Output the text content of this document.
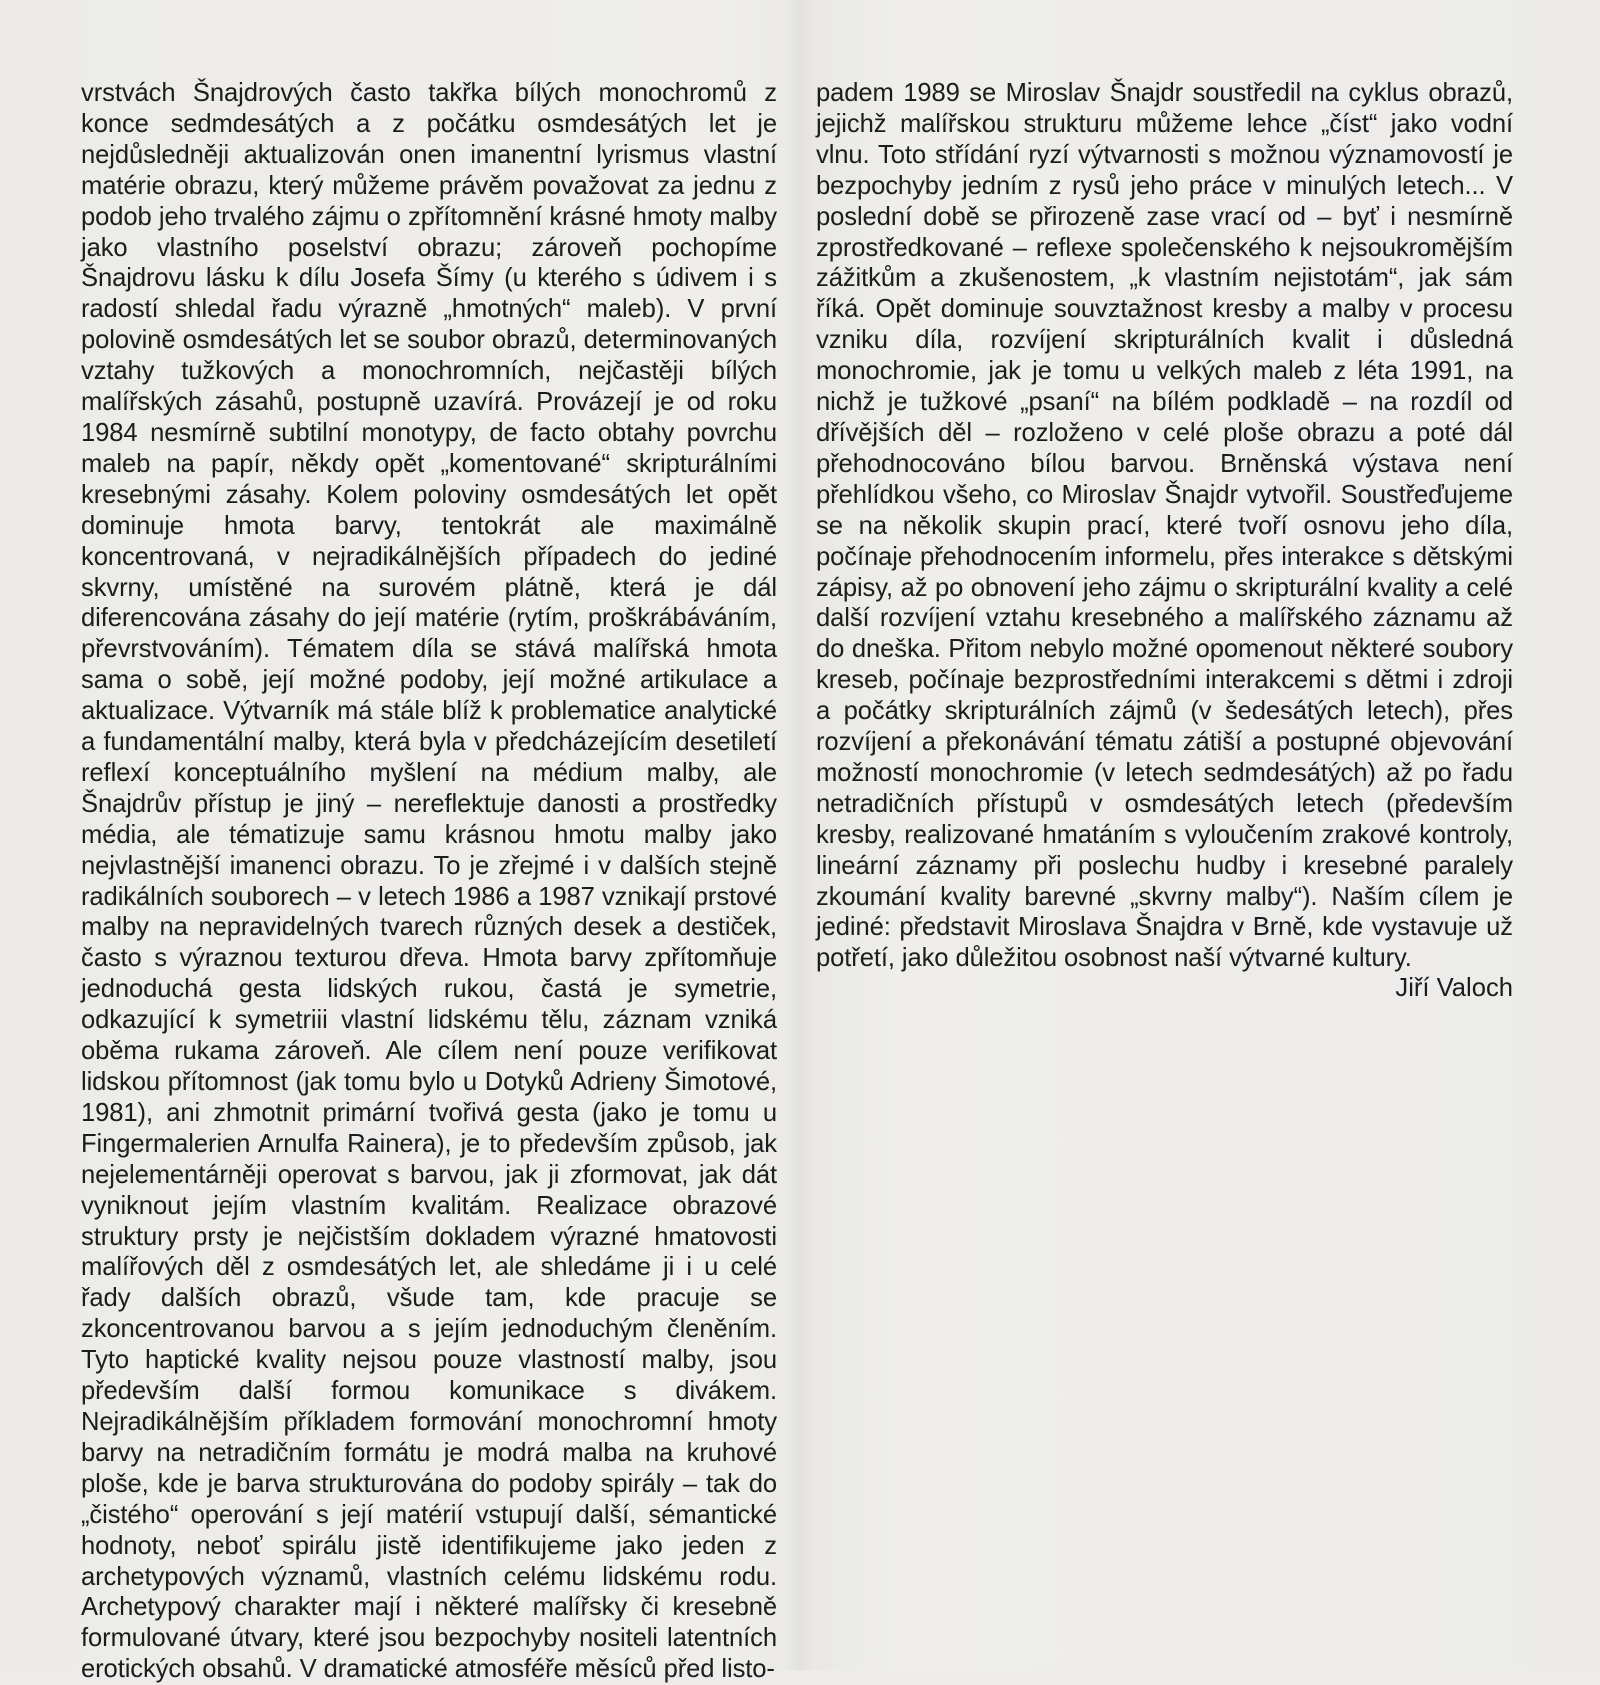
vrstvách Šnajdrových často takřka bílých monochromů z konce sedmdesátých a z počátku osmdesátých let je nejdůsledněji aktualizován onen imanentní lyrismus vlastní matérie obrazu, který můžeme právěm považovat za jednu z podob jeho trvalého zájmu o zpřítomnění krásné hmoty malby jako vlastního poselství obrazu; zároveň pochopíme Šnajdrovu lásku k dílu Josefa Šímy (u kterého s údivem i s radostí shledal řadu výrazně „hmotných“ maleb). V první polovině osmdesátých let se soubor obrazů, determinovaných vztahy tužkových a monochromních, nejčastěji bílých malířských zásahů, postupně uzavírá. Provázejí je od roku 1984 nesmírně subtilní monotypy, de facto obtahy povrchu maleb na papír, někdy opět „komentované“ skripturálními kresebnými zásahy. Kolem poloviny osmdesátých let opět dominuje hmota barvy, tentokrát ale maximálně koncentrovaná, v nejradikálnějších případech do jediné skvrny, umístěné na surovém plátně, která je dál diferencována zásahy do její matérie (rytím, proškrábáváním, převrstvováním). Tématem díla se stává malířská hmota sama o sobě, její možné podoby, její možné artikulace a aktualizace. Výtvarník má stále blíž k problematice analytické a fundamentální malby, která byla v předcházejícím desetiletí reflexí konceptuálního myšlení na médium malby, ale Šnajdrův přístup je jiný – nereflektuje danosti a prostředky média, ale tématizuje samu krásnou hmotu malby jako nejvlastnější imanenci obrazu. To je zřejmé i v dalších stejně radikálních souborech – v letech 1986 a 1987 vznikají prstové malby na nepravidelných tvarech různých desek a destiček, často s výraznou texturou dřeva. Hmota barvy zpřítomňuje jednoduchá gesta lidských rukou, častá je symetrie, odkazující k symetriii vlastní lidskému tělu, záznam vzniká oběma rukama zároveň. Ale cílem není pouze verifikovat lidskou přítomnost (jak tomu bylo u Dotyků Adrieny Šimotové, 1981), ani zhmotnit primární tvořivá gesta (jako je tomu u Fingermalerien Arnulfa Rainera), je to především způsob, jak nejelementárněji operovat s barvou, jak ji zformovat, jak dát vyniknout jejím vlastním kvalitám. Realizace obrazové struktury prsty je nejčistším dokladem výrazné hmatovosti malířových děl z osmdesátých let, ale shledáme ji i u celé řady dalších obrazů, všude tam, kde pracuje se zkoncentrovanou barvou a s jejím jednoduchým členěním. Tyto haptické kvality nejsou pouze vlastností malby, jsou především další formou komunikace s divákem. Nejradikálnějším příkladem formování monochromní hmoty barvy na netradičním formátu je modrá malba na kruhové ploše, kde je barva strukturována do podoby spirály – tak do „čistého“ operování s její matérií vstupují další, sémantické hodnoty, neboť spirálu jistě identifikujeme jako jeden z archetypových významů, vlastních celému lidskému rodu. Archetypový charakter mají i některé malířsky či kresebně formulované útvary, které jsou bezpochyby nositeli latentních erotických obsahů. V dramatické atmosféře měsíců před listo-

padem 1989 se Miroslav Šnajdr soustředil na cyklus obrazů, jejichž malířskou strukturu můžeme lehce „číst“ jako vodní vlnu. Toto střídání ryzí výtvarnosti s možnou významovostí je bezpochyby jedním z rysů jeho práce v minulých letech... V poslední době se přirozeně zase vrací od – byť i nesmírně zprostředkované – reflexe společenského k nejsoukromějším zážitkům a zkušenostem, „k vlastním nejistotám“, jak sám říká. Opět dominuje souvztažnost kresby a malby v procesu vzniku díla, rozvíjení skripturálních kvalit i důsledná monochromie, jak je tomu u velkých maleb z léta 1991, na nichž je tužkové „psaní“ na bílém podkladě – na rozdíl od dřívějších děl – rozloženo v celé ploše obrazu a poté dál přehodnocováno bílou barvou. Brněnská výstava není přehlídkou všeho, co Miroslav Šnajdr vytvořil. Soustřeďujeme se na několik skupin prací, které tvoří osnovu jeho díla, počínaje přehodnocením informelu, přes interakce s dětskými zápisy, až po obnovení jeho zájmu o skripturální kvality a celé další rozvíjení vztahu kresebného a malířského záznamu až do dneška. Přitom nebylo možné opomenout některé soubory kreseb, počínaje bezprostředními interakcemi s dětmi i zdroji a počátky skripturálních zájmů (v šedesátých letech), přes rozvíjení a překonávání tématu zátiší a postupné objevování možností monochromie (v letech sedmdesátých) až po řadu netradičních přístupů v osmdesátých letech (především kresby, realizované hmatáním s vyloučením zrakové kontroly, lineární záznamy při poslechu hudby i kresebné paralely zkoumání kvality barevné „skvrny malby“). Naším cílem je jediné: představit Miroslava Šnajdra v Brně, kde vystavuje už potřetí, jako důležitou osobnost naší výtvarné kultury.

Jiří Valoch
